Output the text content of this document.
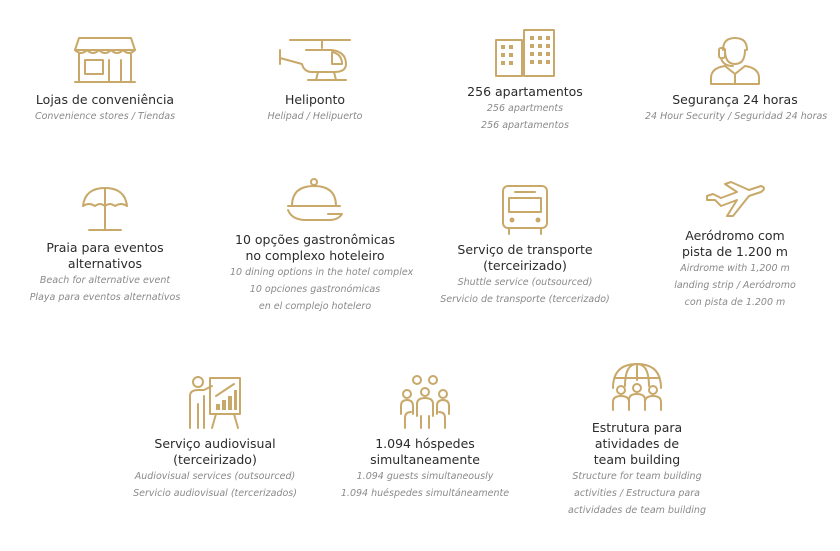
Lojas de conveniência
Convenience stores / Tiendas
Heliponto
Helipad / Helipuerto
256 apartamentos
256 apartments
256 apartamentos
Segurança 24 horas
24 Hour Security / Seguridad 24 horas
Praia para eventos
alternativos
Beach for alternative event
Playa para eventos alternativos
10 opções gastronômicas
no complexo hoteleiro
10 dining options in the hotel complex
10 opciones gastronómicas
en el complejo hotelero
Serviço de transporte
(terceirizado)
Shuttle service (outsourced)
Servicio de transporte (tercerizado)
Aeródromo com
pista de 1.200 m
Airdrome with 1,200 m
landing strip / Aeródromo
con pista de 1.200 m
Serviço audiovisual
(terceirizado)
Audiovisual services (outsourced)
Servicio audiovisual (tercerizados)
1.094 hóspedes
simultaneamente
1.094 guests simultaneously
1.094 huéspedes simultáneamente
Estrutura para
atividades de
team building
Structure for team building
activities / Estructura para
actividades de team building
